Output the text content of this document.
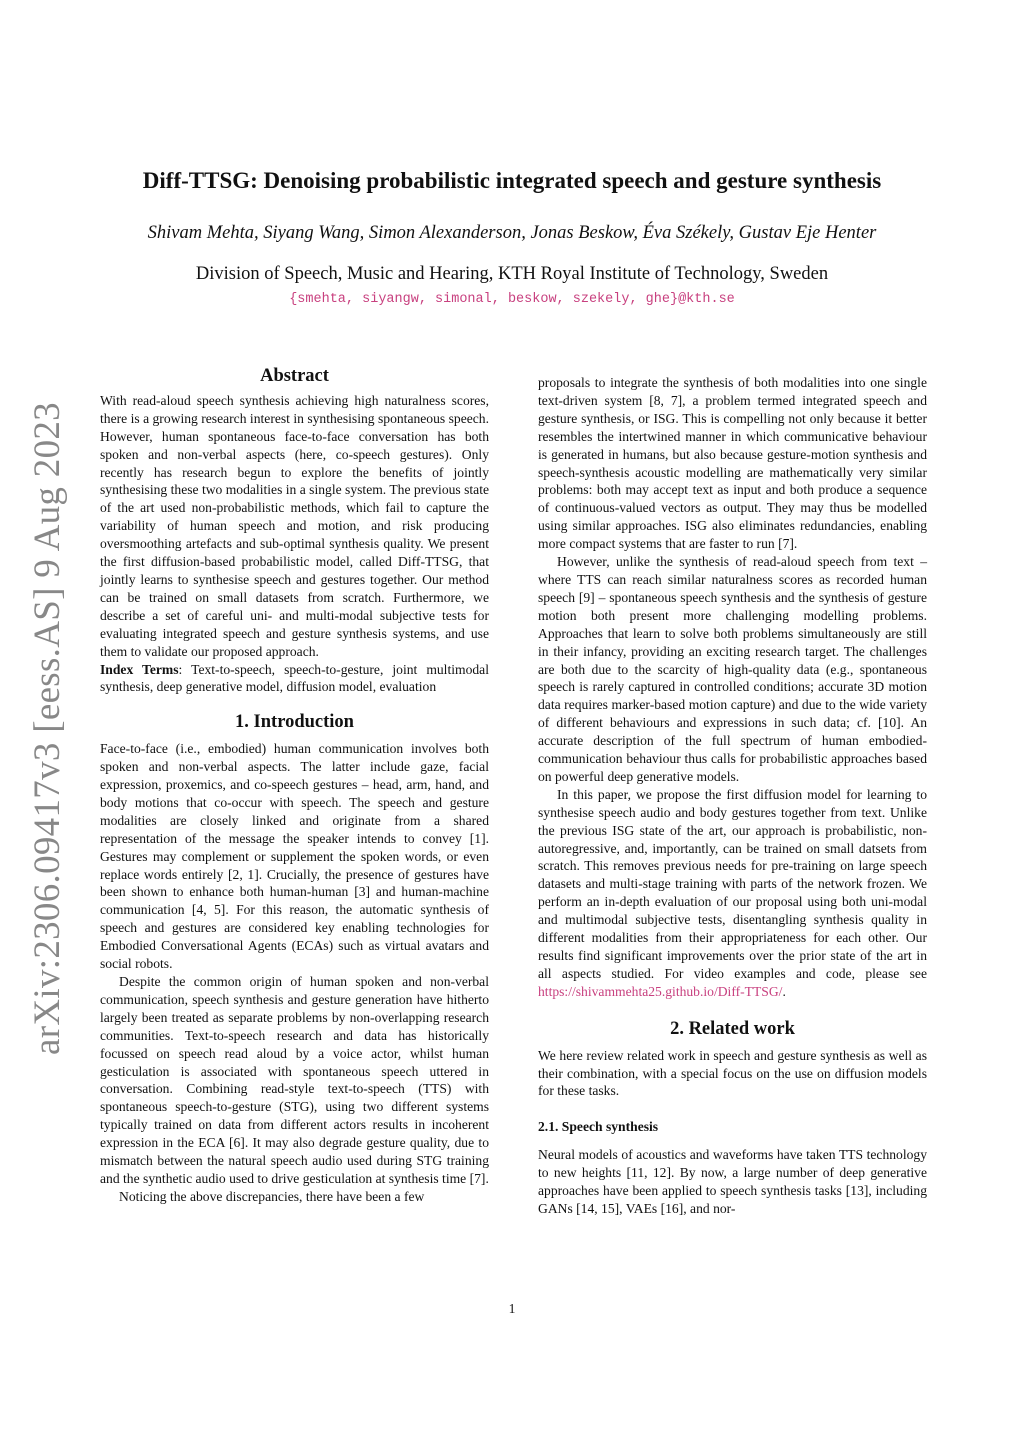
arXiv:2306.09417v3 [eess.AS] 9 Aug 2023
Diff-TTSG: Denoising probabilistic integrated speech and gesture synthesis
Shivam Mehta, Siyang Wang, Simon Alexanderson, Jonas Beskow, Éva Székely, Gustav Eje Henter
Division of Speech, Music and Hearing, KTH Royal Institute of Technology, Sweden
{smehta, siyangw, simonal, beskow, szekely, ghe}@kth.se
Abstract

With read-aloud speech synthesis achieving high naturalness scores, there is a growing research interest in synthesising spontaneous speech. However, human spontaneous face-to-face conversation has both spoken and non-verbal aspects (here, co-speech gestures). Only recently has research begun to explore the benefits of jointly synthesising these two modalities in a single system. The previous state of the art used non-probabilistic methods, which fail to capture the variability of human speech and motion, and risk producing oversmoothing artefacts and sub-optimal synthesis quality. We present the first diffusion-based probabilistic model, called Diff-TTSG, that jointly learns to synthesise speech and gestures together. Our method can be trained on small datasets from scratch. Furthermore, we describe a set of careful uni- and multi-modal subjective tests for evaluating integrated speech and gesture synthesis systems, and use them to validate our proposed approach.

Index Terms: Text-to-speech, speech-to-gesture, joint multimodal synthesis, deep generative model, diffusion model, evaluation

1. Introduction

Face-to-face (i.e., embodied) human communication involves both spoken and non-verbal aspects. The latter include gaze, facial expression, proxemics, and co-speech gestures – head, arm, hand, and body motions that co-occur with speech. The speech and gesture modalities are closely linked and originate from a shared representation of the message the speaker intends to convey [1]. Gestures may complement or supplement the spoken words, or even replace words entirely [2, 1]. Crucially, the presence of gestures have been shown to enhance both human-human [3] and human-machine communication [4, 5]. For this reason, the automatic synthesis of speech and gestures are considered key enabling technologies for Embodied Conversational Agents (ECAs) such as virtual avatars and social robots.

Despite the common origin of human spoken and non-verbal communication, speech synthesis and gesture generation have hitherto largely been treated as separate problems by non-overlapping research communities. Text-to-speech research and data has historically focussed on speech read aloud by a voice actor, whilst human gesticulation is associated with spontaneous speech uttered in conversation. Combining read-style text-to-speech (TTS) with spontaneous speech-to-gesture (STG), using two different systems typically trained on data from different actors results in incoherent expression in the ECA [6]. It may also degrade gesture quality, due to mismatch between the natural speech audio used during STG training and the synthetic audio used to drive gesticulation at synthesis time [7].

Noticing the above discrepancies, there have been a few

proposals to integrate the synthesis of both modalities into one single text-driven system [8, 7], a problem termed integrated speech and gesture synthesis, or ISG. This is compelling not only because it better resembles the intertwined manner in which communicative behaviour is generated in humans, but also because gesture-motion synthesis and speech-synthesis acoustic modelling are mathematically very similar problems: both may accept text as input and both produce a sequence of continuous-valued vectors as output. They may thus be modelled using similar approaches. ISG also eliminates redundancies, enabling more compact systems that are faster to run [7].

However, unlike the synthesis of read-aloud speech from text – where TTS can reach similar naturalness scores as recorded human speech [9] – spontaneous speech synthesis and the synthesis of gesture motion both present more challenging modelling problems. Approaches that learn to solve both problems simultaneously are still in their infancy, providing an exciting research target. The challenges are both due to the scarcity of high-quality data (e.g., spontaneous speech is rarely captured in controlled conditions; accurate 3D motion data requires marker-based motion capture) and due to the wide variety of different behaviours and expressions in such data; cf. [10]. An accurate description of the full spectrum of human embodied-communication behaviour thus calls for probabilistic approaches based on powerful deep generative models.

In this paper, we propose the first diffusion model for learning to synthesise speech audio and body gestures together from text. Unlike the previous ISG state of the art, our approach is probabilistic, non-autoregressive, and, importantly, can be trained on small datsets from scratch. This removes previous needs for pre-training on large speech datasets and multi-stage training with parts of the network frozen. We perform an in-depth evaluation of our proposal using both uni-modal and multimodal subjective tests, disentangling synthesis quality in different modalities from their appropriateness for each other. Our results find significant improvements over the prior state of the art in all aspects studied. For video examples and code, please see https://shivammehta25.github.io/Diff-TTSG/.

2. Related work

We here review related work in speech and gesture synthesis as well as their combination, with a special focus on the use on diffusion models for these tasks.

2.1. Speech synthesis

Neural models of acoustics and waveforms have taken TTS technology to new heights [11, 12]. By now, a large number of deep generative approaches have been applied to speech synthesis tasks [13], including GANs [14, 15], VAEs [16], and nor-

1
